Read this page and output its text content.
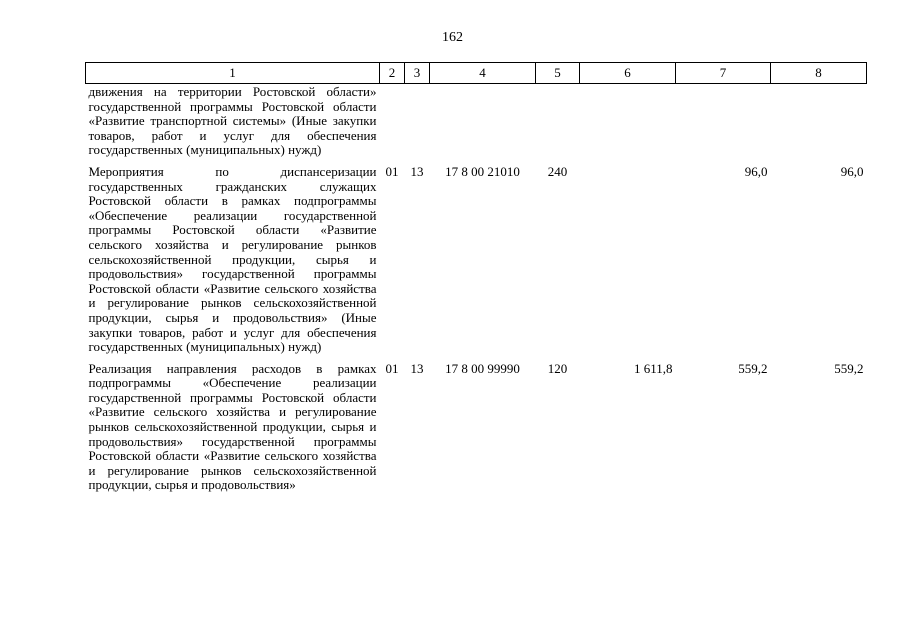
162
1	2	3	4	5	6	7	8
движения на территории Ростовской области» государственной программы Ростовской области «Развитие транспортной системы» (Иные закупки товаров, работ и услуг для обеспечения государственных (муниципальных) нужд)							
Мероприятия по диспансеризации государственных гражданских служащих Ростовской области в рамках подпрограммы «Обеспечение реализации государственной программы Ростовской области «Развитие сельского хозяйства и регулирование рынков сельскохозяйственной продукции, сырья и продовольствия» государственной программы Ростовской области «Развитие сельского хозяйства и регулирование рынков сельскохозяйственной продукции, сырья и продовольствия» (Иные закупки товаров, работ и услуг для обеспечения государственных (муниципальных) нужд)	01	13	17 8 00 21010	240		96,0	96,0
Реализация направления расходов в рамках подпрограммы «Обеспечение реализации государственной программы Ростовской области «Развитие сельского хозяйства и регулирование рынков сельскохозяйственной продукции, сырья и продовольствия» государственной программы Ростовской области «Развитие сельского хозяйства и регулирование рынков сельскохозяйственной продукции, сырья и продовольствия»	01	13	17 8 00 99990	120	1 611,8	559,2	559,2
